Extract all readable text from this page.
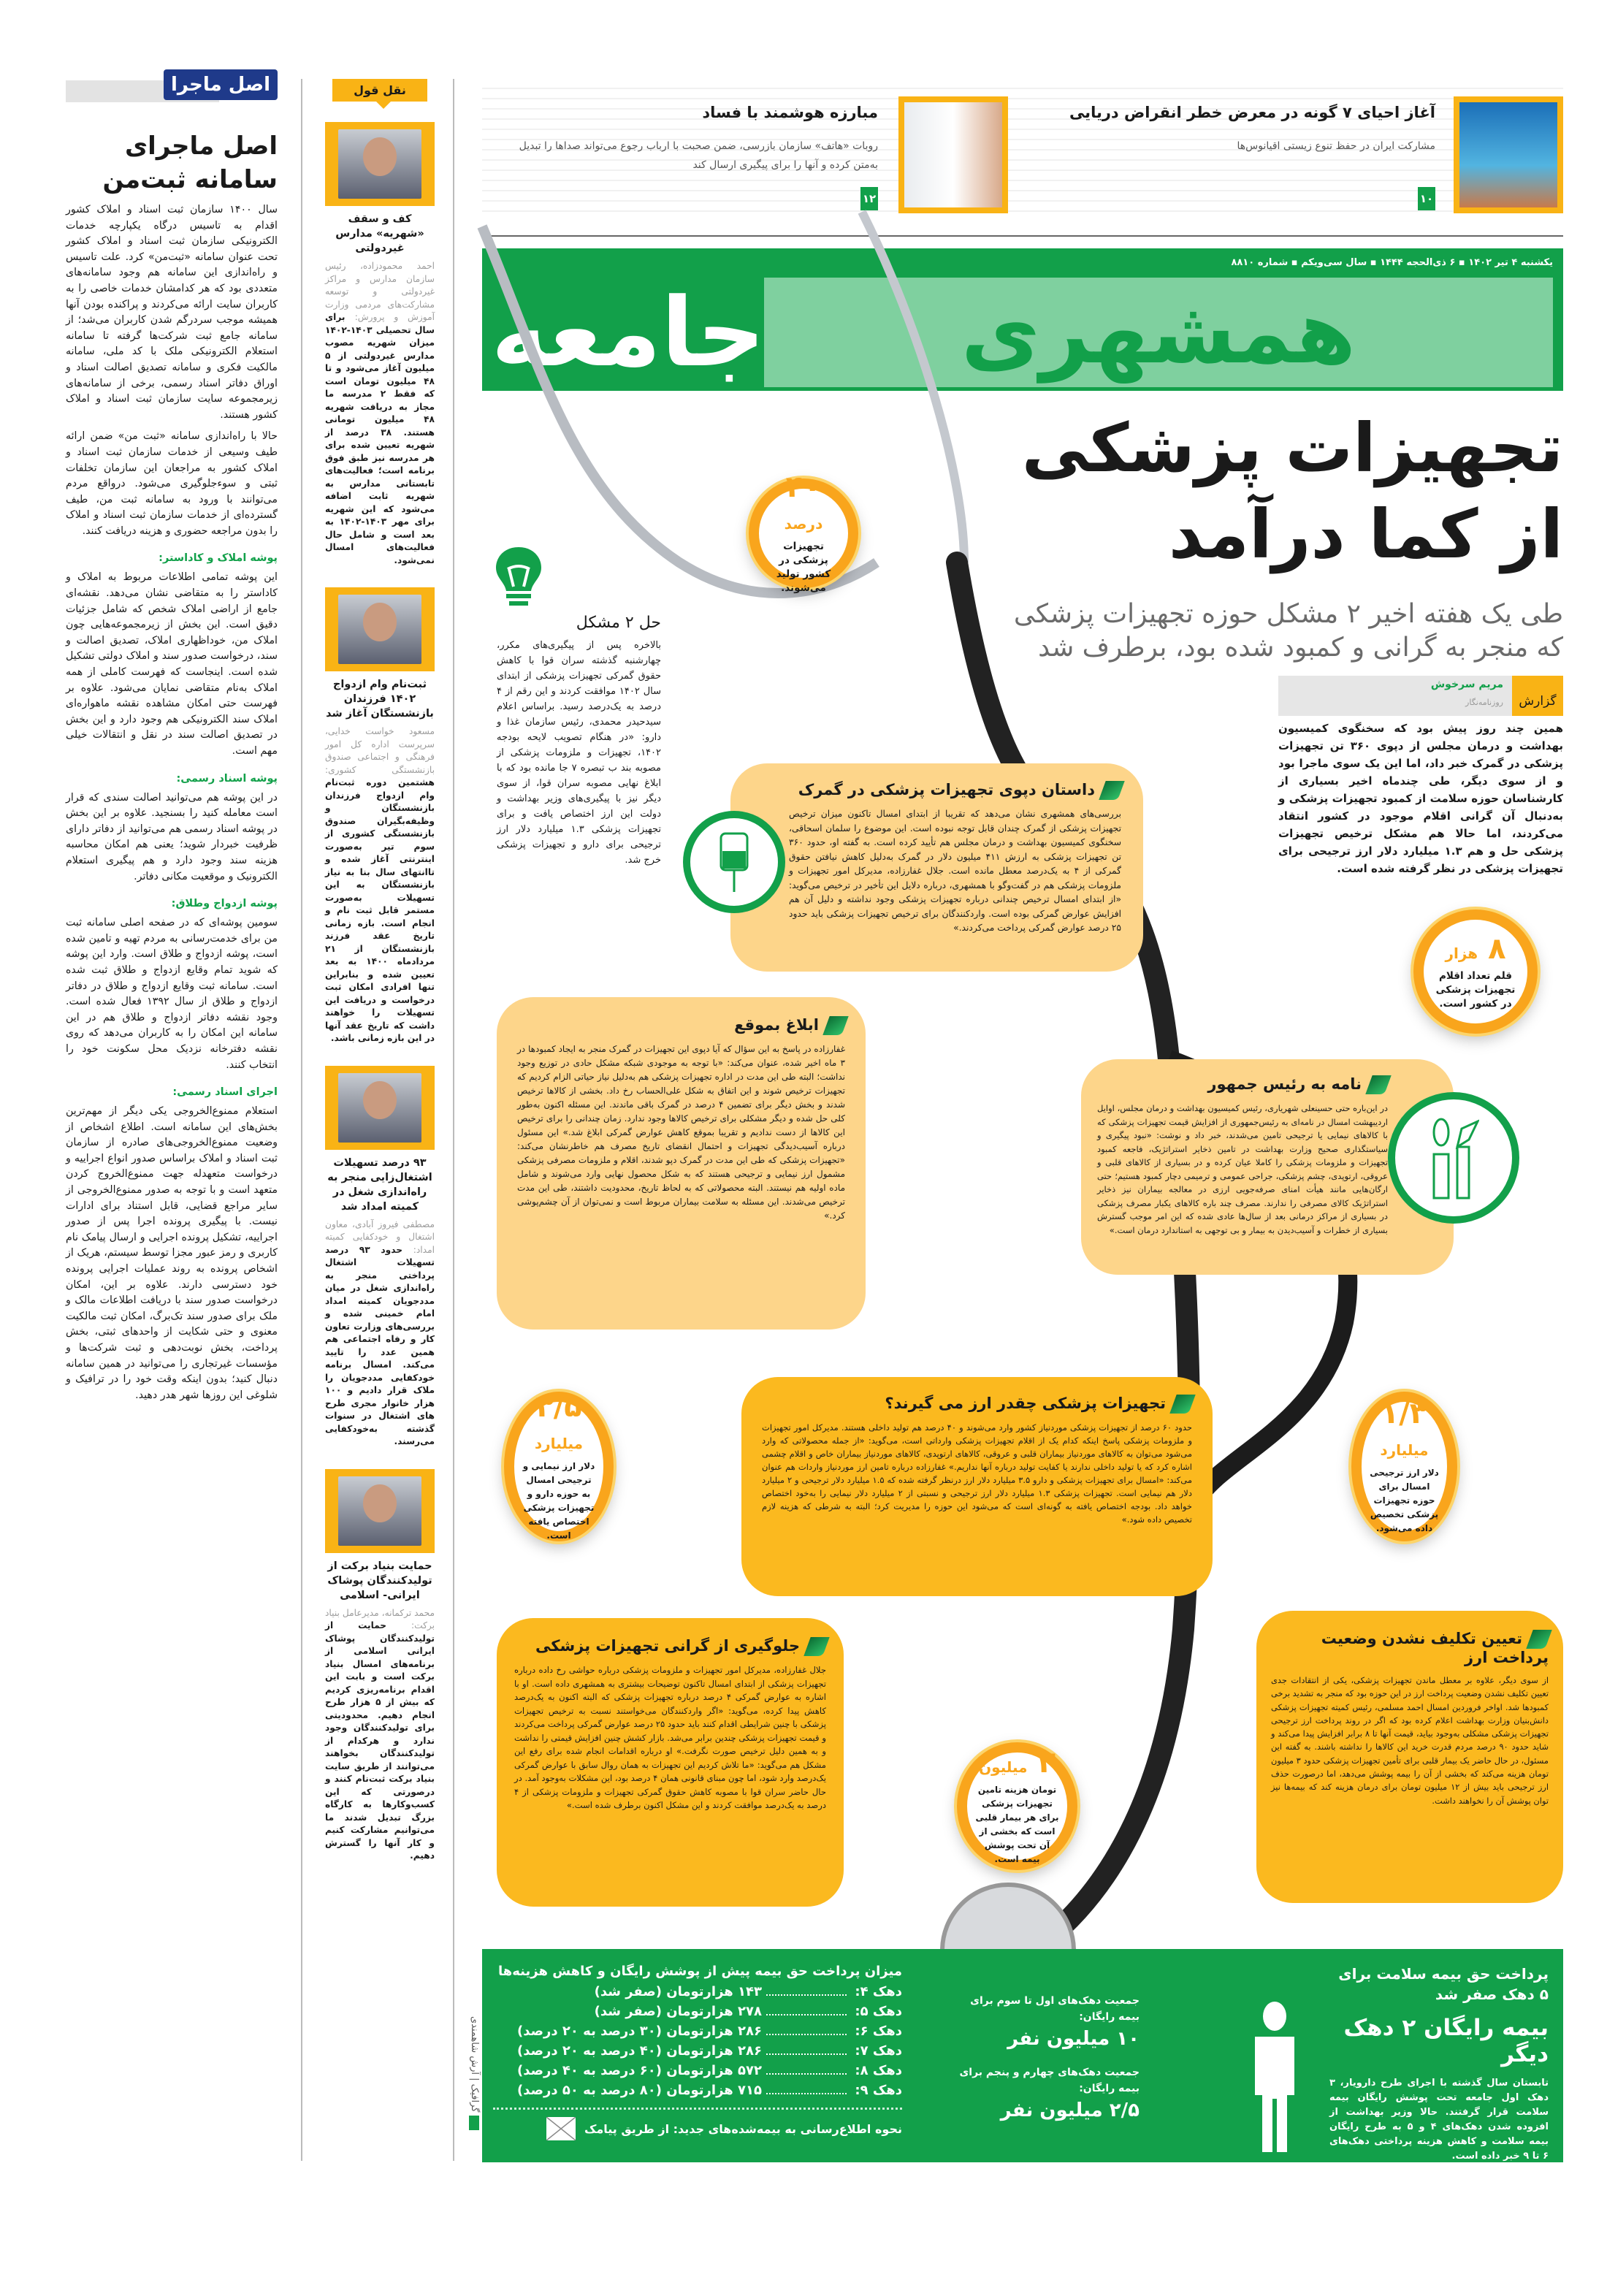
اصل ماجرا
اصل ماجرای سامانه ثبت‌من

سال ۱۴۰۰ سازمان ثبت اسناد و املاک کشور اقدام به تاسیس درگاه یکپارچه خدمات الکترونیکی سازمان ثبت اسناد و املاک کشور تحت عنوان سامانه «ثبت‌من» کرد. علت تاسیس و راه‌اندازی این سامانه هم وجود سامانه‌های متعددی بود که هر کدامشان خدمات خاصی را به کاربران سایت ارائه می‌کردند و پراکنده بودن آنها همیشه موجب سردرگم شدن کاربران می‌شد؛ از سامانه جامع ثبت شرکت‌ها گرفته تا سامانه استعلام الکترونیکی ملک با کد ملی، سامانه مالکیت فکری و سامانه تصدیق اصالت اسناد و اوراق دفاتر اسناد رسمی، برخی از سامانه‌های زیرمجموعه سایت سازمان ثبت اسناد و املاک کشور هستند.

حالا با راه‌اندازی سامانه «ثبت من» ضمن ارائه طیف وسیعی از خدمات سازمان ثبت اسناد و املاک کشور به مراجعان این سازمان تخلفات ثبتی و سو‌ءجلوگیری می‌شود. درواقع مردم می‌توانند با ورود به سامانه ثبت من، طیف گسترده‌ای از خدمات سازمان ثبت اسناد و املاک را بدون مراجعه حضوری و هزینه دریافت کنند.

پوشه املاک و کاداستر:

این پوشه تمامی اطلاعات مربوط به املاک و کاداستر را به متقاضی نشان می‌دهد. نقشه‌ای جامع از اراضی املاک شخص که شامل جزئیات دقیق است. این بخش از زیرمجموعه‌هایی چون املاک من، خوداظهاری املاک، تصدیق اصالت و سند، درخواست صدور سند و املاک دولتی تشکیل شده است. اینجاست که فهرست کاملی از همه املاک به‌نام متقاضی نمایان می‌شود. علاوه بر فهرست حتی امکان مشاهده نقشه ماهواره‌ای املاک سند الکترونیکی هم وجود دارد و این بخش در تصدیق اصالت سند در نقل و انتقالات خیلی مهم است.

پوشه اسناد رسمی:

در این پوشه هم می‌توانید اصالت سندی که قرار است معامله کنید را بسنجید. علاوه بر این بخش در پوشه اسناد رسمی هم می‌توانید از دفاتر دارای ظرفیت خبردار شوید؛ یعنی هم امکان محاسبه هزینه سند وجود دارد و هم پیگیری استعلام الکترونیک و موقعیت مکانی دفاتر.

پوشه ازدواج وطلاق:

سومین پوشه‌ای که در صفحه اصلی سامانه ثبت من برای خدمت‌رسانی به مردم تهیه و تامین شده است، پوشه ازدواج و طلاق است. وارد این پوشه که شوید تمام وقایع ازدواج و طلاق ثبت شده است. سامانه ثبت وقایع ازدواج و طلاق در دفاتر ازدواج و طلاق از سال ۱۳۹۲ فعال شده است. وجود نقشه دفاتر ازدواج و طلاق هم در این سامانه این امکان را به کاربران می‌دهد که روی نقشه دفترخانه نزدیک محل سکونت خود را انتخاب کنند.

اجرای اسناد رسمی:

استعلام ممنوع‌الخروجی یکی دیگر از مهم‌ترین بخش‌های این سامانه است. اطلاع اشخاص از وضعیت ممنوع‌الخروجی‌های صادره از سازمان ثبت اسناد و املاک براساس صدور انواع اجراییه و درخواست متعهدله جهت ممنوع‌الخروج کردن متعهد است و با توجه به صدور ممنوع‌الخروجی از سایر مراجع قضایی، قابل استناد برای ادارات نیست. با پیگیری پرونده اجرا پس از صدور اجراییه، تشکیل پرونده اجرایی و ارسال پیامک نام کاربری و رمز عبور مجزا توسط سیستم، هریک از اشخاص پرونده به روند عملیات اجرایی پرونده خود دسترسی دارند. علاوه بر این، امکان درخواست صدور سند با دریافت اطلاعات مالک و ملک برای صدور سند تک‌برگ، امکان ثبت مالکیت معنوی و حتی شکایت از واحدهای ثبتی، بخش پرداخت، بخش نوبت‌دهی و ثبت شرکت‌ها و مؤسسات غیرتجاری را می‌توانید در همین سامانه دنبال کنید؛ بدون اینکه وقت خود را در ترافیک و شلوغی این روزها شهر هدر دهید.

نقل قول
کف و سقف «شهریه» مدارس غیردولتی

احمد محمودزاده، رئیس سازمان مدارس و مراکز غیردولتی و توسعه مشارکت‌های مردمی وزارت آموزش و پرورش: برای سال تحصیلی ۱۴۰۳-۱۴۰۲ میزان شهریه مصوب مدارس غیردولتی از ۵ میلیون آغاز می‌شود و تا ۴۸ میلیون تومان است که فقط ۲ مدرسه ما مجاز به دریافت شهریه ۴۸ میلیون تومانی هستند. ۳۸ درصد از شهریه تعیین شده برای هر مدرسه نیز طبق فوق برنامه است؛ فعالیت‌های تابستانی مدارس به شهریه ثابت اضافه می‌شود که این شهریه برای مهر ۱۴۰۳-۱۴۰۲ به بعد است و شامل حال فعالیت‌های امسال نمی‌شود.

ثبت‌نام وام ازدواج ۱۴۰۲ فرزندان بازنشستگان آغاز شد

مسعود خواست خدایی، سرپرست اداره کل امور فرهنگی و اجتماعی صندوق بازنشستگی کشوری: هشتمین دوره ثبت‌نام وام ازدواج فرزندان بازنشستگان و وظیفه‌بگیران صندوق بازنشستگی کشوری از سوم تیر به‌صورت اینترنتی آغاز شده و تاانتهای سال بنا به نیاز بازنشستگان به این تسهیلات به‌صورت مستمر قابل ثبت نام و انجام است. بازه زمانی تاریخ عقد فرزند بازنشستگان از ۲۱ مردادماه ۱۴۰۰ به بعد تعیین شده و بنابراین تنها افرادی امکان ثبت درخواست و دریافت این تسهیلات را خواهند داشت که تاریخ عقد آنها در این بازه زمانی باشد.

۹۳ درصد تسهیلات اشتغال‌زایی منجر به راه‌اندازی شغل در کمیته امداد شد

مصطفی فیروز آبادی، معاون اشتغال و خودکفایی کمیته امداد: حدود ۹۳ درصد تسهیلات اشتغال پرداختی منجر به راه‌اندازی شغل در میان مددجویان کمیته امداد امام خمینی شده و بررسی‌های وزارت تعاون کار و رفاه اجتماعی هم همین عدد را تایید می‌کند. امسال برنامه خودکفایی مددجویان را ملاک قرار دادیم و ۱۰۰ هزار خانوار مجری طرح های اشتغال در سنوات گذشته به‌خودکفایی می‌رسند.

حمایت بنیاد برکت از تولیدکنندگان پوشاک ایرانی- اسلامی

محمد ترکمانه، مدیرعامل بنیاد برکت: حمایت از تولیدکنندگان پوشاک ایرانی اسلامی از برنامه‌های امسال بنیاد برکت است و بابت این اقدام برنامه‌ریزی کردیم که بیش از ۵ هزار طرح انجام دهیم. محدودیتی برای تولیدکنندگان وجود ندارد و هرکدام از تولیدکنندگان بخواهند می‌توانند از طریق سایت بنیاد برکت ثبت‌نام کنند و درصورتی که این کسب‌وکارها به کارگاه بزرگ تبدیل شدند ما می‌توانیم مشارکت کنیم و کار آنها را گسترش دهیم.

آغاز احیای ۷ گونه در معرض خطر انقراض دریایی
مشارکت ایران در حفظ تنوع زیستی اقیانوس‌ها
۱۰
مبارزه هوشمند با فساد
روبات «هاتف» سازمان بازرسی، ضمن صحبت با ارباب رجوع می‌تواند صداها را تبدیل به‌متن کرده و آنها را برای پیگیری ارسال کند
۱۲
یکشنبه ۴ تیر ۱۴۰۲ ▪ ۶ ذی‌الحجه ۱۴۴۴ ▪ سال سی‌ویکم ▪ شماره ۸۸۱۰
همشهری
جامعه
تجهیزات پزشکی
از کما درآمد
طی یک هفته اخیر ۲ مشکل حوزه تجهیزات پزشکی که منجر به گرانی و کمبود شده بود، برطرف شد
گزارش
مریم سرخوش
روزنامه‌نگار

همین چند روز پیش بود که سخنگوی کمیسیون بهداشت و درمان مجلس از دپوی ۳۶۰ تن تجهیزات پزشکی در گمرک خبر داد، اما این یک سوی ماجرا بود و از سوی دیگر، طی چندماه اخیر بسیاری از کارشناسان حوزه سلامت از کمبود تجهیزات پزشکی و به‌دنبال آن گرانی اقلام موجود در کشور انتقاد می‌کردند، اما حالا هم مشکل ترخیص تجهیزات پزشکی حل و هم ۱.۳ میلیارد دلار ارز ترجیحی برای تجهیزات پزشکی در نظر گرفته شده است.

حل ۲ مشکل

بالاخره پس از پیگیری‌های مکرر، چهارشنبه گذشته سران قوا با کاهش حقوق گمرکی تجهیزات پزشکی از ابتدای سال ۱۴۰۲ موافقت کردند و این رقم از ۴ درصد به یک‌درصد رسید. براساس اعلام سیدحیدر محمدی، رئیس سازمان غذا و دارو: «در هنگام تصویب لایحه بودجه ۱۴۰۲، تجهیزات و ملزومات پزشکی از مصوبه بند ب تبصره ۷ جا مانده بود که با ابلاغ نهایی مصوبه سران قوا، از سوی دیگر نیز با پیگیری‌های وزیر بهداشت و دولت این ارز اختصاص یافت و برای تجهیزات پزشکی ۱.۳ میلیارد دلار ارز ترجیحی برای دارو و تجهیزات پزشکی خرج شد.

۴۰ درصد
تجهیزات پزشکی در کشور تولید می‌شوند.
۸ هزار
قلم تعداد اقلام تجهیزات پزشکی در کشور است.
۳/۵ میلیارد
دلار ارز نیمایی و ترجیحی امسال به حوزه دارو و تجهیزات پزشکی اختصاص یافته است.
۱/۳ میلیارد
دلار ارز ترجیحی امسال برای حوزه تجهیزات پزشکی تخصیص داده می‌شود.
۳ میلیون
تومان هزینه تامین تجهیزات پزشکی برای هر بیمار قلبی است که بخشی از آن تحت پوشش بیمه است.
داستان دپوی تجهیزات پزشکی در گمرک

بررسی‌های همشهری نشان می‌دهد که تقریبا از ابتدای امسال تاکنون میزان ترخیص تجهیزات پزشکی از گمرک چندان قابل توجه نبوده است. این موضوع را سلمان اسحاقی، سخنگوی کمیسیون بهداشت و درمان مجلس هم تأیید کرده است. به گفته او، حدود ۳۶۰ تن تجهیزات پزشکی به ارزش ۴۱۱ میلیون دلار در گمرک به‌دلیل کاهش نیافتن حقوق گمرکی از ۴ به یک‌درصد معطل مانده است. جلال غفارزاده، مدیرکل امور تجهیزات و ملزومات پزشکی هم در گفت‌وگو با همشهری، درباره دلایل این تأخیر در ترخیص می‌گوید: «از ابتدای امسال ترخیص چندانی درباره تجهیزات پزشکی وجود نداشته و دلیل آن هم افزایش عوارض گمرکی بوده است. واردکنندگان برای ترخیص تجهیزات پزشکی باید حدود ۲۵ درصد عوارض گمرکی پرداخت می‌کردند.»

ابلاغ بموقع

غفارزاده در پاسخ به این سؤال که آیا دپوی این تجهیزات در گمرک منجر به ایجاد کمبودها در ۳ ماه اخیر شده، عنوان می‌کند: «با توجه به موجودی شبکه مشکل حادی در توزیع وجود نداشت؛ البته طی این مدت در اداره تجهیزات پزشکی هم به‌دلیل نیاز حیاتی الزام کردیم که تجهیزات ترخیص شوند و این اتفاق به شکل علی‌الحساب رخ داد. بخشی از کالاها ترخیص شدند و بخش دیگر برای تضمین ۴ درصد در گمرک باقی ماندند. این مسئله اکنون به‌طور کلی حل شده و دیگر مشکلی برای ترخیص کالاها وجود ندارد. زمان چندانی را برای ترخیص این کالاها از دست ندادیم و تقریبا بموقع کاهش عوارض گمرکی ابلاغ شد.» این مسئول درباره آسیب‌دیدگی تجهیزات و احتمال انقضای تاریخ مصرف هم خاطرنشان می‌کند: «تجهیزات پزشکی که طی این مدت در گمرک دپو شدند، اقلام و ملزومات مصرفی پزشکی مشمول ارز نیمایی و ترجیحی هستند که به شکل محصول نهایی وارد می‌شوند و شامل ماده اولیه هم نیستند. البته محصولاتی که به لحاظ تاریخ، محدودیت داشتند، طی این مدت ترخیص می‌شدند. این مسئله به سلامت بیماران مربوط است و نمی‌توان از آن چشم‌پوشی کرد.»

نامه به رئیس جمهور

در این‌باره حتی حسینعلی شهریاری، رئیس کمیسیون بهداشت و درمان مجلس، اوایل اردیبهشت امسال در نامه‌ای به رئیس‌جمهوری از افزایش قیمت تجهیزات پزشکی که با کالاهای نیمایی یا ترجیحی تامین می‌شدند، خبر داد و نوشت: «نبود پیگیری و سیاستگذاری صحیح وزارت بهداشت در تامین ذخایر استراتژیک، فاجعه کمبود تجهیزات و ملزومات پزشکی را کاملا عیان کرده و در بسیاری از کالاهای قلبی و عروقی، ارتوپدی، چشم پزشکی، جراحی عمومی و ترمیمی دچار کمبود هستیم؛ حتی ارگان‌هایی مانند هیأت امنای صرفه‌جویی ارزی در معالجه بیماران نیز ذخایر استراتژیک کالای مصرفی را ندارند. مصرف چند باره کالاهای یکبار مصرف پزشکی در بسیاری از مراکز درمانی بعد از سال‌ها عادی شده که این امر موجب گسترش بسیاری از خطرات و آسیب‌دیدن به بیمار و بی توجهی به استاندارد درمان است.»

تجهیزات پزشکی چقدر ارز می گیرند؟

حدود ۶۰ درصد از تجهیزات پزشکی موردنیاز کشور وارد می‌شوند و ۴۰ درصد هم تولید داخلی هستند. مدیرکل امور تجهیزات و ملزومات پزشکی پاسخ اینکه کدام یک از اقلام تجهیزات پزشکی وارداتی است، می‌گوید: «از جمله محصولاتی که وارد می‌شود می‌توان به کالاهای موردنیاز بیماران قلبی و عروقی، کالاهای ارتوپدی، کالاهای موردنیاز بیماران خاص و اقلام چشمی اشاره کرد که یا تولید داخلی ندارند یا کفایت تولید درباره آنها نداریم.» غفارزاده درباره تامین ارز موردنیاز واردات هم عنوان می‌کند: «امسال برای تجهیزات پزشکی و دارو ۳.۵ میلیارد دلار ارز درنظر گرفته شده که ۱.۵ میلیارد دلار ترجیحی و ۲ میلیارد دلار هم نیمایی است. تجهیزات پزشکی ۱.۳ میلیارد دلار ارز ترجیحی و نسبتی از ۲ میلیارد دلار نیمایی را به‌خود اختصاص خواهد داد. بودجه اختصاص یافته به گونه‌ای است که می‌شود این حوزه را مدیریت کرد؛ البته به شرطی که هزینه لازم تخصیص داده شود.»

جلوگیری از گرانی تجهیزات پزشکی

جلال غفارزاده، مدیرکل امور تجهیزات و ملزومات پزشکی درباره حواشی رخ داده درباره تجهیزات پزشکی از ابتدای امسال تاکنون توضیحات بیشتری به همشهری داده است. او با اشاره به عوارض گمرکی ۴ درصد درباره تجهیزات پزشکی که البته اکنون به یک‌درصد کاهش پیدا کرده، می‌گوید: «اگر واردکنندگان می‌خواستند نسبت به ترخیص تجهیزات پزشکی با چنین شرایطی اقدام کنند باید حدود ۲۵ درصد عوارض گمرکی پرداخت می‌کردند و قیمت تجهیزات پزشکی چندین برابر می‌شد. بازار کشش چنین افزایش قیمتی را نداشت و به همین دلیل ترخیص صورت نگرفت.» او درباره اقدامات انجام شده برای رفع این مشکل هم می‌گوید: «ما تلاش کردیم این تجهیزات به همان روال سابق با عوارض گمرکی یک‌درصد وارد شود، اما چون مبنای قانونی همان ۴ درصد بود، این مشکلات به‌وجود آمد. در حال حاضر سران قوا با مصوبه کاهش حقوق گمرکی تجهیزات و ملزومات پزشکی از ۴ درصد به یک‌درصد موافقت کردند و این مشکل اکنون برطرف شده است.»

تعیین تکلیف نشدن وضعیت پرداخت ارز

از سوی دیگر، علاوه بر معطل ماندن تجهیزات پزشکی، یکی از انتقادات جدی تعیین تکلیف نشدن وضعیت پرداخت ارز در این حوزه بود که منجر به تشدید برخی کمبودها شد. اواخر فروردین امسال احمد مسلمی، رئیس کمیته تجهیزات پزشکی دانش‌بنیان وزارت بهداشت اعلام کرده بود که اگر در روند پرداخت ارز ترجیحی تجهیزات پزشکی مشکلی به‌وجود بیاید، قیمت آنها تا ۸ برابر افزایش پیدا می‌کند و شاید حدود ۹۰ درصد مردم قدرت خرید این کالاها را نداشته باشند. به گفته این مسئول، در حال حاضر یک بیمار قلبی برای تأمین تجهیزات پزشکی حدود ۳ میلیون تومان هزینه می‌کند که بخشی از آن را بیمه پوشش می‌دهد، اما درصورت حذف ارز ترجیحی باید بیش از ۱۲ میلیون تومان برای درمان هزینه کند که بیمه‌ها نیز توان پوشش آن را نخواهند داشت.

پرداخت حق بیمه سلامت برای ۵ دهک صفر شد
بیمه رایگان ۲ دهک دیگر

تابستان سال گذشته با اجرای طرح دارویار، ۳ دهک اول جامعه تحت پوشش رایگان بیمه سلامت قرار گرفتند. حالا وزیر بهداشت از افزوده شدن دهک‌های ۴ و ۵ به طرح رایگان بیمه سلامت و کاهش هزینه پرداختی دهک‌های ۶ تا ۹ خبر داده است.

جمعیت دهک‌های اول تا سوم برای بیمه رایگان:
۱۰ میلیون نفر
جمعیت دهک‌های چهارم و پنجم برای بیمه رایگان:
۲/۵ میلیون نفر
میزان پرداخت حق بیمه پیش از پوشش رایگان و کاهش هزینه‌ها
دهک ۴:
۱۴۳ هزارتومان (صفر شد)
دهک ۵:
۲۷۸ هزارتومان (صفر شد)
دهک ۶:
۲۸۶ هزارتومان (۳۰ درصد به ۲۰ درصد)
دهک ۷:
۲۸۶ هزارتومان (۴۰ درصد به ۲۰ درصد)
دهک ۸:
۵۷۲ هزارتومان (۶۰ درصد به ۴۰ درصد)
دهک ۹:
۷۱۵ هزارتومان (۸۰ درصد به ۵۰ درصد)
نحوه اطلاع‌رسانی به بیمه‌شده‌های جدید: از طریق پیامک
گرافیک | آرش شاهمندی
